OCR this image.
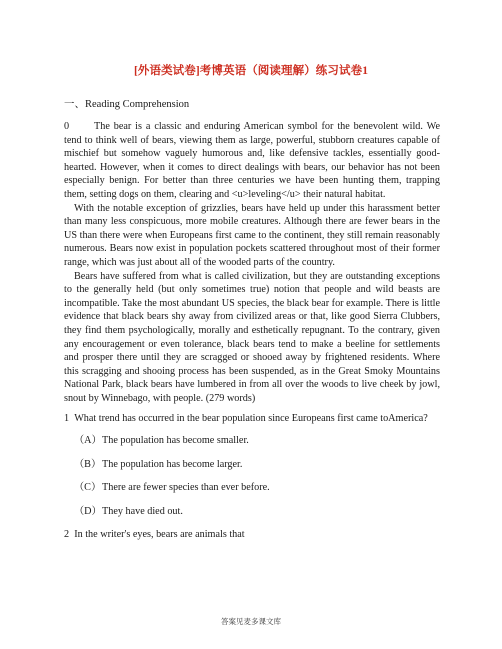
[外语类试卷]考博英语（阅读理解）练习试卷1
一、Reading Comprehension

0 The bear is a classic and enduring American symbol for the benevolent wild. We tend to think well of bears, viewing them as large, powerful, stubborn creatures capable of mischief but somehow vaguely humorous and, like defensive tackles, essentially good-hearted. However, when it comes to direct dealings with bears, our behavior has not been especially benign. For better than three centuries we have been hunting them, trapping them, setting dogs on them, clearing and <u>leveling</u> their natural habitat.

With the notable exception of grizzlies, bears have held up under this harassment better than many less conspicuous, more mobile creatures. Although there are fewer bears in the US than there were when Europeans first came to the continent, they still remain reasonably numerous. Bears now exist in population pockets scattered throughout most of their former range, which was just about all of the wooded parts of the country.

Bears have suffered from what is called civilization, but they are outstanding exceptions to the generally held (but only sometimes true) notion that people and wild beasts are incompatible. Take the most abundant US species, the black bear for example. There is little evidence that black bears shy away from civilized areas or that, like good Sierra Clubbers, they find them psychologically, morally and esthetically repugnant. To the contrary, given any encouragement or even tolerance, black bears tend to make a beeline for settlements and prosper there until they are scragged or shooed away by frightened residents. Where this scragging and shooing process has been suspended, as in the Great Smoky Mountains National Park, black bears have lumbered in from all over the woods to live cheek by jowl, snout by Winnebago, with people. (279 words)

1 What trend has occurred in the bear population since Europeans first came toAmerica?

（A）The population has become smaller.

（B）The population has become larger.

（C）There are fewer species than ever before.

（D）They have died out.

2 In the writer's eyes, bears are animals that

答案见麦多课文库
